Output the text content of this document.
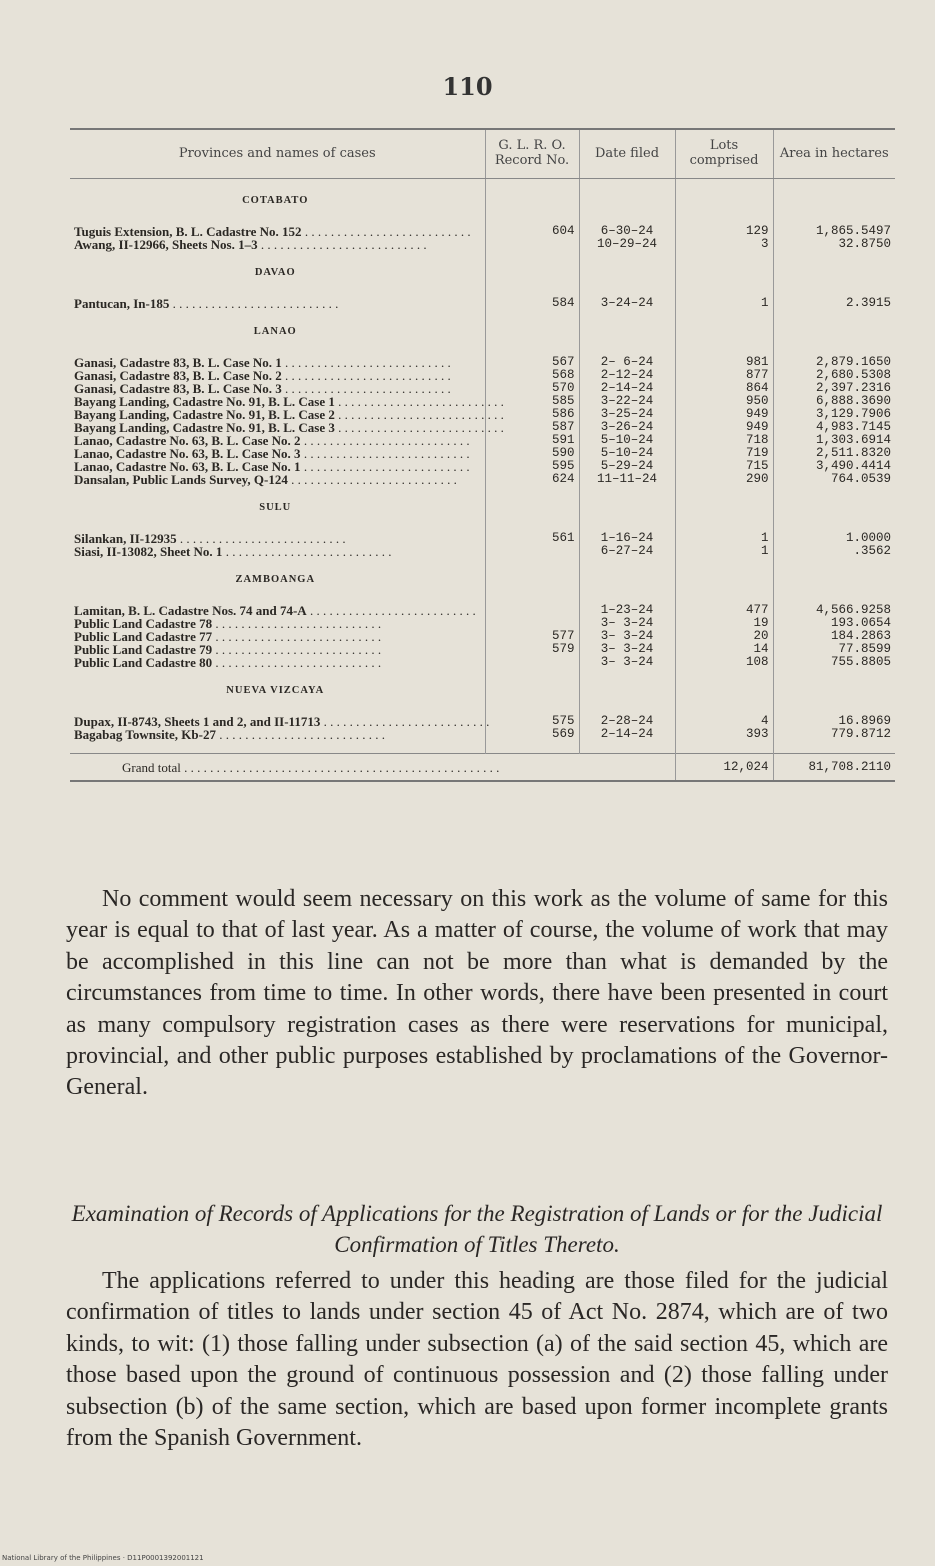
110
Provinces and names of cases	G. L. R. O. Record No.	Date filed	Lots comprised	Area in hectares
COTABATO				

Tuguis Extension, B. L. Cadastre No. 152 . . . . . . . . . . . . . . . . . . . . . . . . . .	604	6–30–24	129	1,865.5497
Awang, II-12966, Sheets Nos. 1–3 . . . . . . . . . . . . . . . . . . . . . . . . . .		10–29–24	3	32.8750
DAVAO				

Pantucan, In-185 . . . . . . . . . . . . . . . . . . . . . . . . . .	584	3–24–24	1	2.3915
LANAO				

Ganasi, Cadastre 83, B. L. Case No. 1 . . . . . . . . . . . . . . . . . . . . . . . . . .	567	2– 6–24	981	2,879.1650
Ganasi, Cadastre 83, B. L. Case No. 2 . . . . . . . . . . . . . . . . . . . . . . . . . .	568	2–12–24	877	2,680.5308
Ganasi, Cadastre 83, B. L. Case No. 3 . . . . . . . . . . . . . . . . . . . . . . . . . .	570	2–14–24	864	2,397.2316
Bayang Landing, Cadastre No. 91, B. L. Case 1 . . . . . . . . . . . . . . . . . . . . . . . . . .	585	3–22–24	950	6,888.3690
Bayang Landing, Cadastre No. 91, B. L. Case 2 . . . . . . . . . . . . . . . . . . . . . . . . . .	586	3–25–24	949	3,129.7906
Bayang Landing, Cadastre No. 91, B. L. Case 3 . . . . . . . . . . . . . . . . . . . . . . . . . .	587	3–26–24	949	4,983.7145
Lanao, Cadastre No. 63, B. L. Case No. 2 . . . . . . . . . . . . . . . . . . . . . . . . . .	591	5–10–24	718	1,303.6914
Lanao, Cadastre No. 63, B. L. Case No. 3 . . . . . . . . . . . . . . . . . . . . . . . . . .	590	5–10–24	719	2,511.8320
Lanao, Cadastre No. 63, B. L. Case No. 1 . . . . . . . . . . . . . . . . . . . . . . . . . .	595	5–29–24	715	3,490.4414
Dansalan, Public Lands Survey, Q-124 . . . . . . . . . . . . . . . . . . . . . . . . . .	624	11–11–24	290	764.0539
SULU				

Silankan, II-12935 . . . . . . . . . . . . . . . . . . . . . . . . . .	561	1–16–24	1	1.0000
Siasi, II-13082, Sheet No. 1 . . . . . . . . . . . . . . . . . . . . . . . . . .		6–27–24	1	.3562
ZAMBOANGA				

Lamitan, B. L. Cadastre Nos. 74 and 74-A . . . . . . . . . . . . . . . . . . . . . . . . . .		1–23–24	477	4,566.9258
Public Land Cadastre 78 . . . . . . . . . . . . . . . . . . . . . . . . . .		3– 3–24	19	193.0654
Public Land Cadastre 77 . . . . . . . . . . . . . . . . . . . . . . . . . .	577	3– 3–24	20	184.2863
Public Land Cadastre 79 . . . . . . . . . . . . . . . . . . . . . . . . . .	579	3– 3–24	14	77.8599
Public Land Cadastre 80 . . . . . . . . . . . . . . . . . . . . . . . . . .		3– 3–24	108	755.8805
NUEVA VIZCAYA				

Dupax, II-8743, Sheets 1 and 2, and II-11713 . . . . . . . . . . . . . . . . . . . . . . . . . .	575	2–28–24	4	16.8969
Bagabag Townsite, Kb-27 . . . . . . . . . . . . . . . . . . . . . . . . . .	569	2–14–24	393	779.8712

Grand total . . . . . . . . . . . . . . . . . . . . . . . . . . . . . . . . . . . . . . . . . . . . . . . . .			12,024	81,708.2110

No comment would seem necessary on this work as the volume of same for this year is equal to that of last year. As a matter of course, the volume of work that may be accomplished in this line can not be more than what is demanded by the circumstances from time to time. In other words, there have been presented in court as many compulsory registration cases as there were reservations for municipal, provincial, and other public purposes established by proclamations of the Governor-General.

Examination of Records of Applications for the Registration of Lands or for the Judicial Confirmation of Titles Thereto.

The applications referred to under this heading are those filed for the judicial confirmation of titles to lands under section 45 of Act No. 2874, which are of two kinds, to wit: (1) those falling under subsection (a) of the said section 45, which are those based upon the ground of continuous possession and (2) those falling under subsection (b) of the same section, which are based upon former incomplete grants from the Spanish Government.

National Library of the Philippines · D11P0001392001121
